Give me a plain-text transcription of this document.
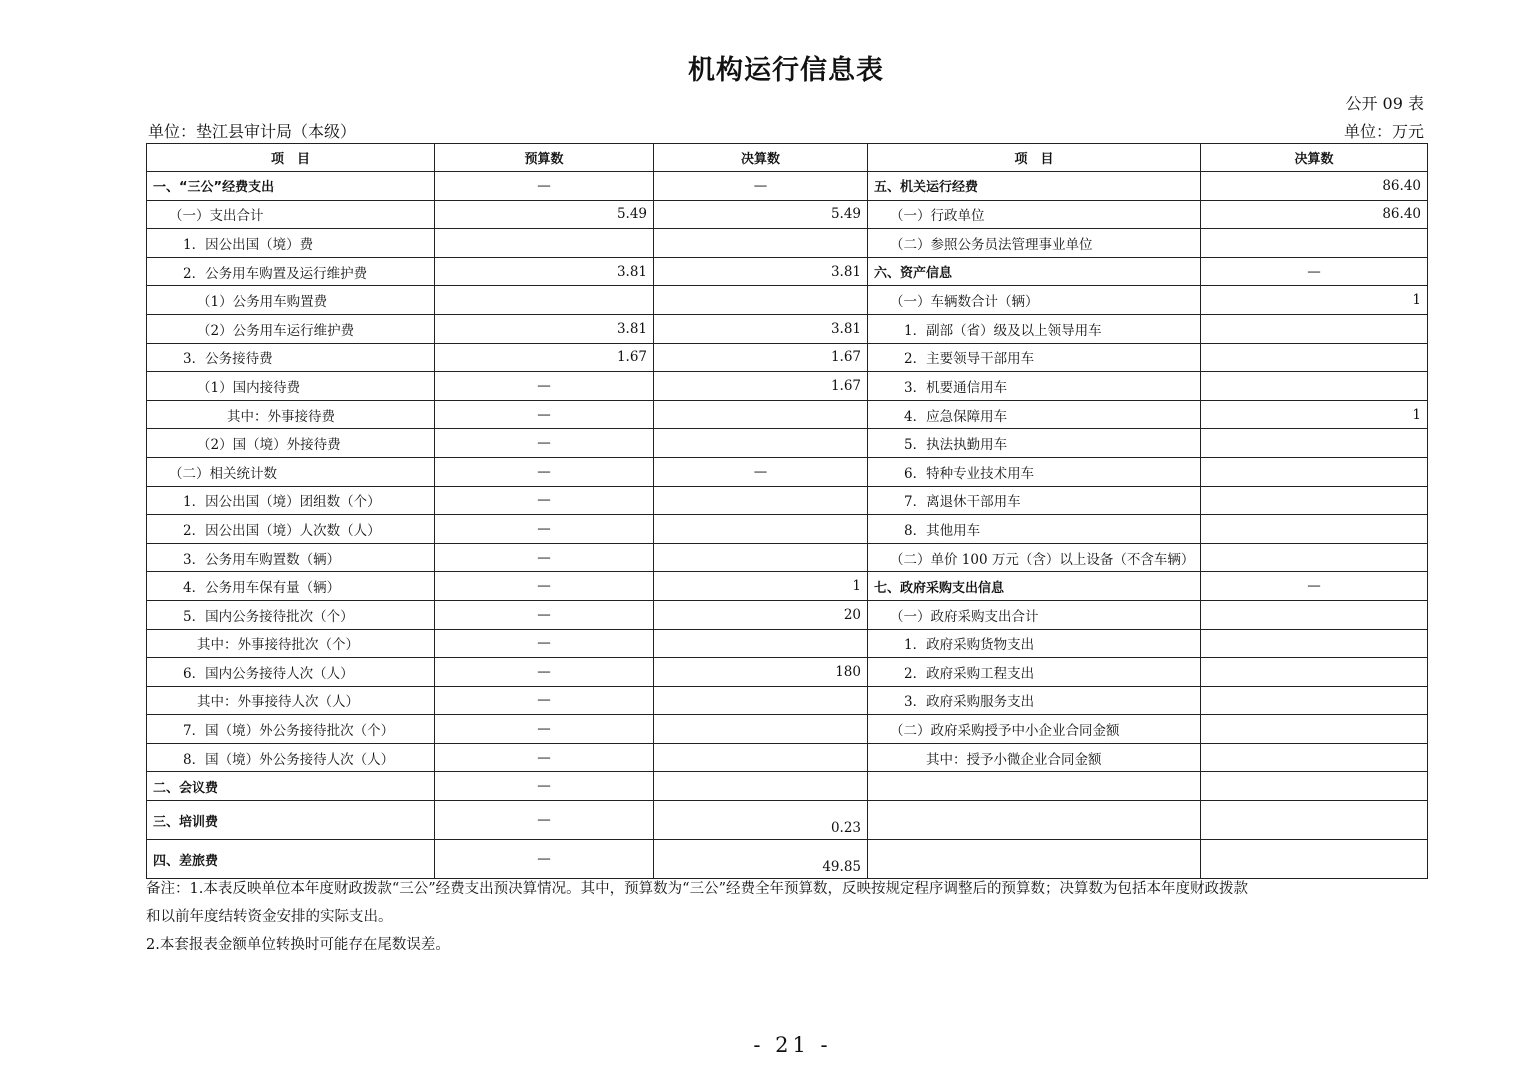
机构运行信息表
公开 09 表
单位：垫江县审计局（本级）	单位：万元
项　目	预算数	决算数	项　目	决算数
一、“三公”经费支出	—	—	五、机关运行经费	86.40
（一）支出合计	5.49	5.49	（一）行政单位	86.40
1．因公出国（境）费			（二）参照公务员法管理事业单位	
2．公务用车购置及运行维护费	3.81	3.81	六、资产信息	—
（1）公务用车购置费			（一）车辆数合计（辆）	1
（2）公务用车运行维护费	3.81	3.81	1．副部（省）级及以上领导用车	
3．公务接待费	1.67	1.67	2．主要领导干部用车	
（1）国内接待费	—	1.67	3．机要通信用车	
其中：外事接待费	—		4．应急保障用车	1
（2）国（境）外接待费	—		5．执法执勤用车	
（二）相关统计数	—	—	6．特种专业技术用车	
1．因公出国（境）团组数（个）	—		7．离退休干部用车	
2．因公出国（境）人次数（人）	—		8．其他用车	
3．公务用车购置数（辆）	—		（二）单价 100 万元（含）以上设备（不含车辆）	
4．公务用车保有量（辆）	—	1	七、政府采购支出信息	—
5．国内公务接待批次（个）	—	20	（一）政府采购支出合计	
其中：外事接待批次（个）	—		1．政府采购货物支出	
6．国内公务接待人次（人）	—	180	2．政府采购工程支出	
其中：外事接待人次（人）	—		3．政府采购服务支出	
7．国（境）外公务接待批次（个）	—		（二）政府采购授予中小企业合同金额	
8．国（境）外公务接待人次（人）	—		其中：授予小微企业合同金额	
二、会议费	—			
三、培训费	—	0.23		
四、差旅费	—	49.85		
备注：1.本表反映单位本年度财政拨款“三公”经费支出预决算情况。其中，预算数为“三公”经费全年预算数，反映按规定程序调整后的预算数；决算数为包括本年度财政拨款
和以前年度结转资金安排的实际支出。
2.本套报表金额单位转换时可能存在尾数误差。
- 21 -
